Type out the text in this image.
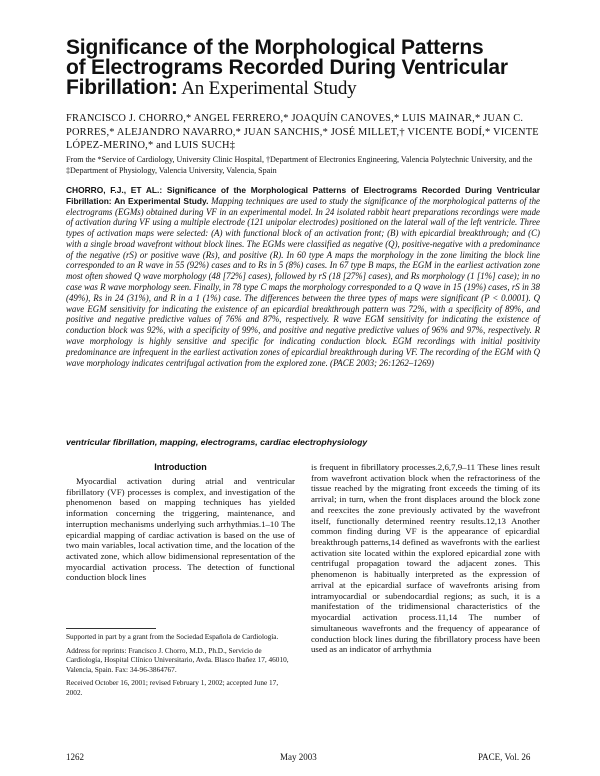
Significance of the Morphological Patterns
of Electrograms Recorded During Ventricular
Fibrillation: An Experimental Study
FRANCISCO J. CHORRO,* ANGEL FERRERO,* JOAQUÍN CANOVES,* LUIS MAINAR,* JUAN C. PORRES,* ALEJANDRO NAVARRO,* JUAN SANCHIS,* JOSÉ MILLET,† VICENTE BODÍ,* VICENTE LÓPEZ-MERINO,* and LUIS SUCH‡
From the *Service of Cardiology, University Clinic Hospital, †Department of Electronics Engineering, Valencia Polytechnic University, and the ‡Department of Physiology, Valencia University, Valencia, Spain
CHORRO, F.J., ET AL.: Significance of the Morphological Patterns of Electrograms Recorded During Ventricular Fibrillation: An Experimental Study. Mapping techniques are used to study the significance of the morphological patterns of the electrograms (EGMs) obtained during VF in an experimental model. In 24 isolated rabbit heart preparations recordings were made of activation during VF using a multiple electrode (121 unipolar electrodes) positioned on the lateral wall of the left ventricle. Three types of activation maps were selected: (A) with functional block of an activation front; (B) with epicardial breakthrough; and (C) with a single broad wavefront without block lines. The EGMs were classified as negative (Q), positive-negative with a predominance of the negative (rS) or positive wave (Rs), and positive (R). In 60 type A maps the morphology in the zone limiting the block line corresponded to an R wave in 55 (92%) cases and to Rs in 5 (8%) cases. In 67 type B maps, the EGM in the earliest activation zone most often showed Q wave morphology (48 [72%] cases), followed by rS (18 [27%] cases), and Rs morphology (1 [1%] case); in no case was R wave morphology seen. Finally, in 78 type C maps the morphology corresponded to a Q wave in 15 (19%) cases, rS in 38 (49%), Rs in 24 (31%), and R in a 1 (1%) case. The differences between the three types of maps were significant (P < 0.0001). Q wave EGM sensitivity for indicating the existence of an epicardial breakthrough pattern was 72%, with a specificity of 89%, and positive and negative predictive values of 76% and 87%, respectively. R wave EGM sensitivity for indicating the existence of conduction block was 92%, with a specificity of 99%, and positive and negative predictive values of 96% and 97%, respectively. R wave morphology is highly sensitive and specific for indicating conduction block. EGM recordings with initial positivity predominance are infrequent in the earliest activation zones of epicardial breakthrough during VF. The recording of the EGM with Q wave morphology indicates centrifugal activation from the explored zone. (PACE 2003; 26:1262–1269)
ventricular fibrillation, mapping, electrograms, cardiac electrophysiology
Introduction

Myocardial activation during atrial and ventricular fibrillatory (VF) processes is complex, and investigation of the phenomenon based on mapping techniques has yielded information concerning the triggering, maintenance, and interruption mechanisms underlying such arrhythmias.1–10 The epicardial mapping of cardiac activation is based on the use of two main variables, local activation time, and the location of the activated zone, which allow bidimensional representation of the myocardial activation process. The detection of functional conduction block lines

is frequent in fibrillatory processes.2,6,7,9–11 These lines result from wavefront activation block when the refractoriness of the tissue reached by the migrating front exceeds the timing of its arrival; in turn, when the front displaces around the block zone and reexcites the zone previously activated by the wavefront itself, functionally determined reentry results.12,13 Another common finding during VF is the appearance of epicardial breakthrough patterns,14 defined as wavefronts with the earliest activation site located within the explored epicardial zone with centrifugal propagation toward the adjacent zones. This phenomenon is habitually interpreted as the expression of arrival at the epicardial surface of wavefronts arising from intramyocardial or subendocardial regions; as such, it is a manifestation of the tridimensional characteristics of the myocardial activation process.11,14 The number of simultaneous wavefronts and the frequency of appearance of conduction block lines during the fibrillatory process have been used as an indicator of arrhythmia

Supported in part by a grant from the Sociedad Española de Cardiología.

Address for reprints: Francisco J. Chorro, M.D., Ph.D., Servicio de Cardiología, Hospital Clínico Universitario, Avda. Blasco Ibañez 17, 46010, Valencia, Spain. Fax: 34-96-3864767.

Received October 16, 2001; revised February 1, 2002; accepted June 17, 2002.

1262	May 2003	PACE, Vol. 26
